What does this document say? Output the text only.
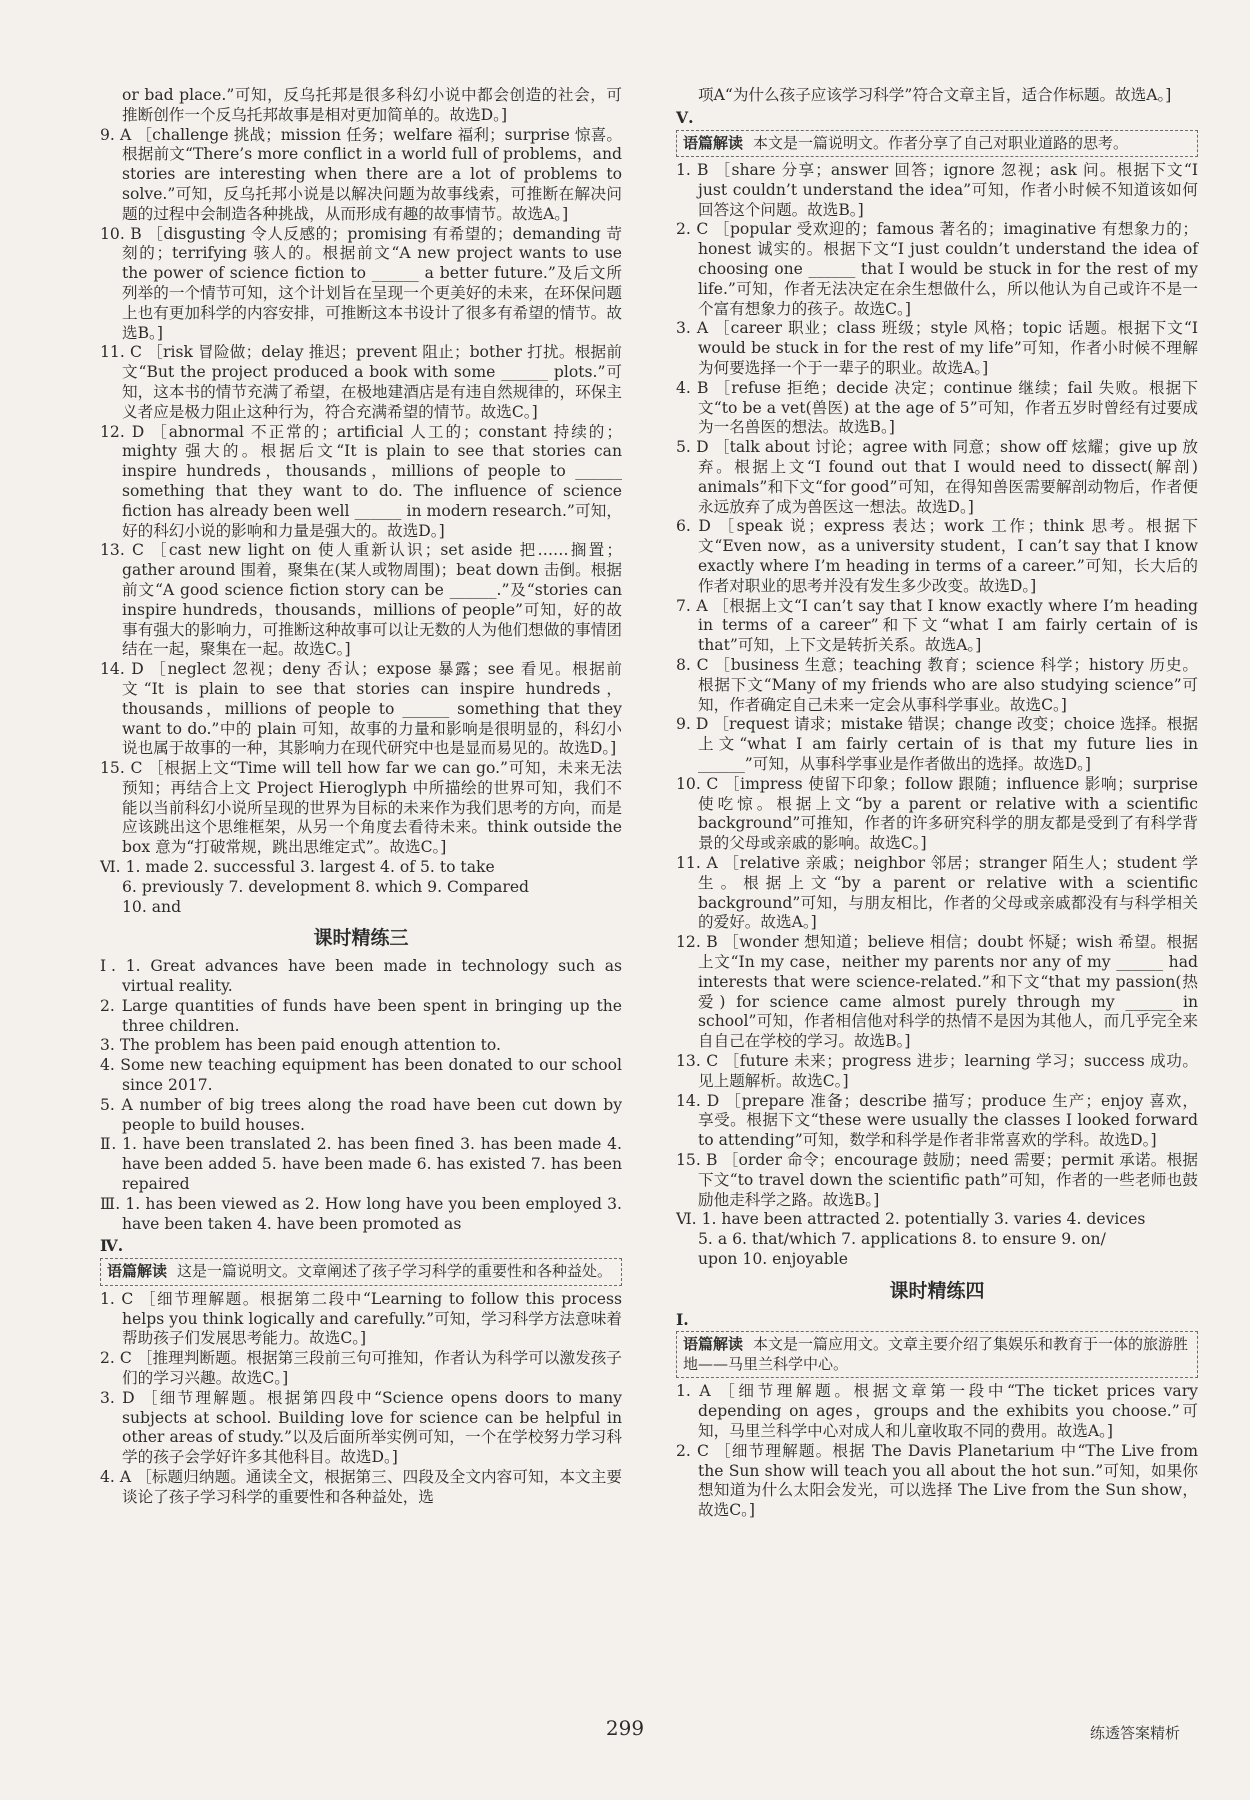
or bad place.”可知，反乌托邦是很多科幻小说中都会创造的社会，可推断创作一个反乌托邦故事是相对更加简单的。故选D。]

9. A ［challenge 挑战；mission 任务；welfare 福利；surprise 惊喜。根据前文“There’s more conflict in a world full of problems，and stories are interesting when there are a lot of problems to solve.”可知，反乌托邦小说是以解决问题为故事线索，可推断在解决问题的过程中会制造各种挑战，从而形成有趣的故事情节。故选A。]

10. B ［disgusting 令人反感的；promising 有希望的；demanding 苛刻的；terrifying 骇人的。根据前文“A new project wants to use the power of science fiction to ______ a better future.”及后文所列举的一个情节可知，这个计划旨在呈现一个更美好的未来，在环保问题上也有更加科学的内容安排，可推断这本书设计了很多有希望的情节。故选B。]

11. C ［risk 冒险做；delay 推迟；prevent 阻止；bother 打扰。根据前文“But the project produced a book with some ______ plots.”可知，这本书的情节充满了希望，在极地建酒店是有违自然规律的，环保主义者应是极力阻止这种行为，符合充满希望的情节。故选C。]

12. D ［abnormal 不正常的；artificial 人工的；constant 持续的；mighty 强大的。根据后文“It is plain to see that stories can inspire hundreds，thousands，millions of people to ______ something that they want to do. The influence of science fiction has already been well ______ in modern research.”可知，好的科幻小说的影响和力量是强大的。故选D。]

13. C ［cast new light on 使人重新认识；set aside 把……搁置；gather around 围着，聚集在(某人或物周围)；beat down 击倒。根据前文“A good science fiction story can be ______.”及“stories can inspire hundreds，thousands，millions of people”可知，好的故事有强大的影响力，可推断这种故事可以让无数的人为他们想做的事情团结在一起，聚集在一起。故选C。]

14. D ［neglect 忽视；deny 否认；expose 暴露；see 看见。根据前文“It is plain to see that stories can inspire hundreds，thousands，millions of people to ______ something that they want to do.”中的 plain 可知，故事的力量和影响是很明显的，科幻小说也属于故事的一种，其影响力在现代研究中也是显而易见的。故选D。]

15. C ［根据上文“Time will tell how far we can go.”可知，未来无法预知；再结合上文 Project Hieroglyph 中所描绘的世界可知，我们不能以当前科幻小说所呈现的世界为目标的未来作为我们思考的方向，而是应该跳出这个思维框架，从另一个角度去看待未来。think outside the box 意为“打破常规，跳出思维定式”。故选C。]

Ⅵ. 1. made 2. successful 3. largest 4. of 5. to take

6. previously 7. development 8. which 9. Compared

10. and

课时精练三

Ⅰ. 1. Great advances have been made in technology such as virtual reality.

2. Large quantities of funds have been spent in bringing up the three children.

3. The problem has been paid enough attention to.

4. Some new teaching equipment has been donated to our school since 2017.

5. A number of big trees along the road have been cut down by people to build houses.

Ⅱ. 1. have been translated 2. has been fined 3. has been made 4. have been added 5. have been made 6. has existed 7. has been repaired

Ⅲ. 1. has been viewed as 2. How long have you been employed 3. have been taken 4. have been promoted as

Ⅳ.

语篇解读 这是一篇说明文。文章阐述了孩子学习科学的重要性和各种益处。

1. C ［细节理解题。根据第二段中“Learning to follow this process helps you think logically and carefully.”可知，学习科学方法意味着帮助孩子们发展思考能力。故选C。]

2. C ［推理判断题。根据第三段前三句可推知，作者认为科学可以激发孩子们的学习兴趣。故选C。]

3. D ［细节理解题。根据第四段中“Science opens doors to many subjects at school. Building love for science can be helpful in other areas of study.”以及后面所举实例可知，一个在学校努力学习科学的孩子会学好许多其他科目。故选D。]

4. A ［标题归纳题。通读全文，根据第三、四段及全文内容可知，本文主要谈论了孩子学习科学的重要性和各种益处，选

项A“为什么孩子应该学习科学”符合文章主旨，适合作标题。故选A。]

Ⅴ.

语篇解读 本文是一篇说明文。作者分享了自己对职业道路的思考。

1. B ［share 分享；answer 回答；ignore 忽视；ask 问。根据下文“I just couldn’t understand the idea”可知，作者小时候不知道该如何回答这个问题。故选B。]

2. C ［popular 受欢迎的；famous 著名的；imaginative 有想象力的；honest 诚实的。根据下文“I just couldn’t understand the idea of choosing one ______ that I would be stuck in for the rest of my life.”可知，作者无法决定在余生想做什么，所以他认为自己或许不是一个富有想象力的孩子。故选C。]

3. A ［career 职业；class 班级；style 风格；topic 话题。根据下文“I would be stuck in for the rest of my life”可知，作者小时候不理解为何要选择一个于一辈子的职业。故选A。]

4. B ［refuse 拒绝；decide 决定；continue 继续；fail 失败。根据下文“to be a vet(兽医) at the age of 5”可知，作者五岁时曾经有过要成为一名兽医的想法。故选B。]

5. D ［talk about 讨论；agree with 同意；show off 炫耀；give up 放弃。根据上文“I found out that I would need to dissect(解剖) animals”和下文“for good”可知，在得知兽医需要解剖动物后，作者便永远放弃了成为兽医这一想法。故选D。]

6. D ［speak 说；express 表达；work 工作；think 思考。根据下文“Even now，as a university student，I can’t say that I know exactly where I’m heading in terms of a career.”可知，长大后的作者对职业的思考并没有发生多少改变。故选D。]

7. A ［根据上文“I can’t say that I know exactly where I’m heading in terms of a career”和下文“what I am fairly certain of is that”可知，上下文是转折关系。故选A。]

8. C ［business 生意；teaching 教育；science 科学；history 历史。根据下文“Many of my friends who are also studying science”可知，作者确定自己未来一定会从事科学事业。故选C。]

9. D ［request 请求；mistake 错误；change 改变；choice 选择。根据上文“what I am fairly certain of is that my future lies in ______”可知，从事科学事业是作者做出的选择。故选D。]

10. C ［impress 使留下印象；follow 跟随；influence 影响；surprise 使吃惊。根据上文“by a parent or relative with a scientific background”可推知，作者的许多研究科学的朋友都是受到了有科学背景的父母或亲戚的影响。故选C。]

11. A ［relative 亲戚；neighbor 邻居；stranger 陌生人；student 学生。根据上文“by a parent or relative with a scientific background”可知，与朋友相比，作者的父母或亲戚都没有与科学相关的爱好。故选A。]

12. B ［wonder 想知道；believe 相信；doubt 怀疑；wish 希望。根据上文“In my case，neither my parents nor any of my ______ had interests that were science-related.”和下文“that my passion(热爱) for science came almost purely through my ______ in school”可知，作者相信他对科学的热情不是因为其他人，而几乎完全来自自己在学校的学习。故选B。]

13. C ［future 未来；progress 进步；learning 学习；success 成功。见上题解析。故选C。]

14. D ［prepare 准备；describe 描写；produce 生产；enjoy 喜欢，享受。根据下文“these were usually the classes I looked forward to attending”可知，数学和科学是作者非常喜欢的学科。故选D。]

15. B ［order 命令；encourage 鼓励；need 需要；permit 承诺。根据下文“to travel down the scientific path”可知，作者的一些老师也鼓励他走科学之路。故选B。]

Ⅵ. 1. have been attracted 2. potentially 3. varies 4. devices

5. a 6. that/which 7. applications 8. to ensure 9. on/

upon 10. enjoyable

课时精练四

Ⅰ.

语篇解读 本文是一篇应用文。文章主要介绍了集娱乐和教育于一体的旅游胜地——马里兰科学中心。

1. A ［细节理解题。根据文章第一段中“The ticket prices vary depending on ages，groups and the exhibits you choose.”可知，马里兰科学中心对成人和儿童收取不同的费用。故选A。]

2. C ［细节理解题。根据 The Davis Planetarium 中“The Live from the Sun show will teach you all about the hot sun.”可知，如果你想知道为什么太阳会发光，可以选择 The Live from the Sun show，故选C。]

299	练透答案精析
